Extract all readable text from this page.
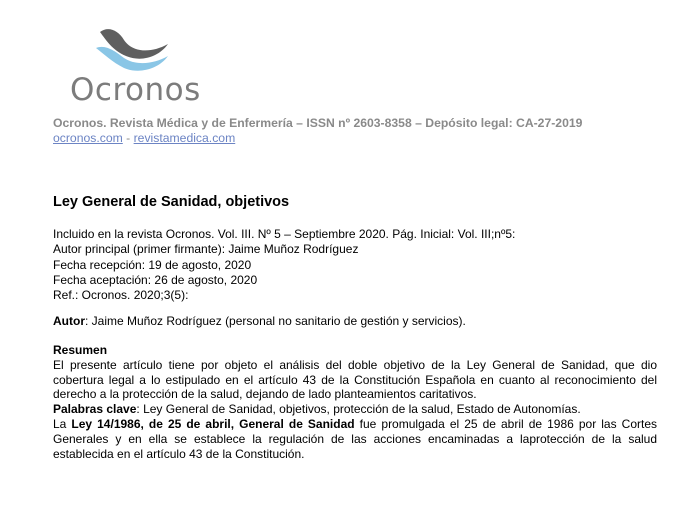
Ocronos
Ocronos. Revista Médica y de Enfermería – ISSN nº 2603-8358 – Depósito legal: CA-27-2019
ocronos.com - revistamedica.com
Ley General de Sanidad, objetivos
Incluido en la revista Ocronos. Vol. III. Nº 5 – Septiembre 2020. Pág. Inicial: Vol. III;nº5:
Autor principal (primer firmante): Jaime Muñoz Rodríguez
Fecha recepción: 19 de agosto, 2020
Fecha aceptación: 26 de agosto, 2020
Ref.: Ocronos. 2020;3(5):
Autor: Jaime Muñoz Rodríguez (personal no sanitario de gestión y servicios).
Resumen
El presente artículo tiene por objeto el análisis del doble objetivo de la Ley General de Sanidad, que dio
cobertura legal a lo estipulado en el artículo 43 de la Constitución Española en cuanto al reconocimiento del
derecho a la protección de la salud, dejando de lado planteamientos caritativos.
Palabras clave: Ley General de Sanidad, objetivos, protección de la salud, Estado de Autonomías.
La Ley 14/1986, de 25 de abril, General de Sanidad fue promulgada el 25 de abril de 1986 por las Cortes
Generales y en ella se establece la regulación de las acciones encaminadas a laprotección de la salud
establecida en el artículo 43 de la Constitución.
